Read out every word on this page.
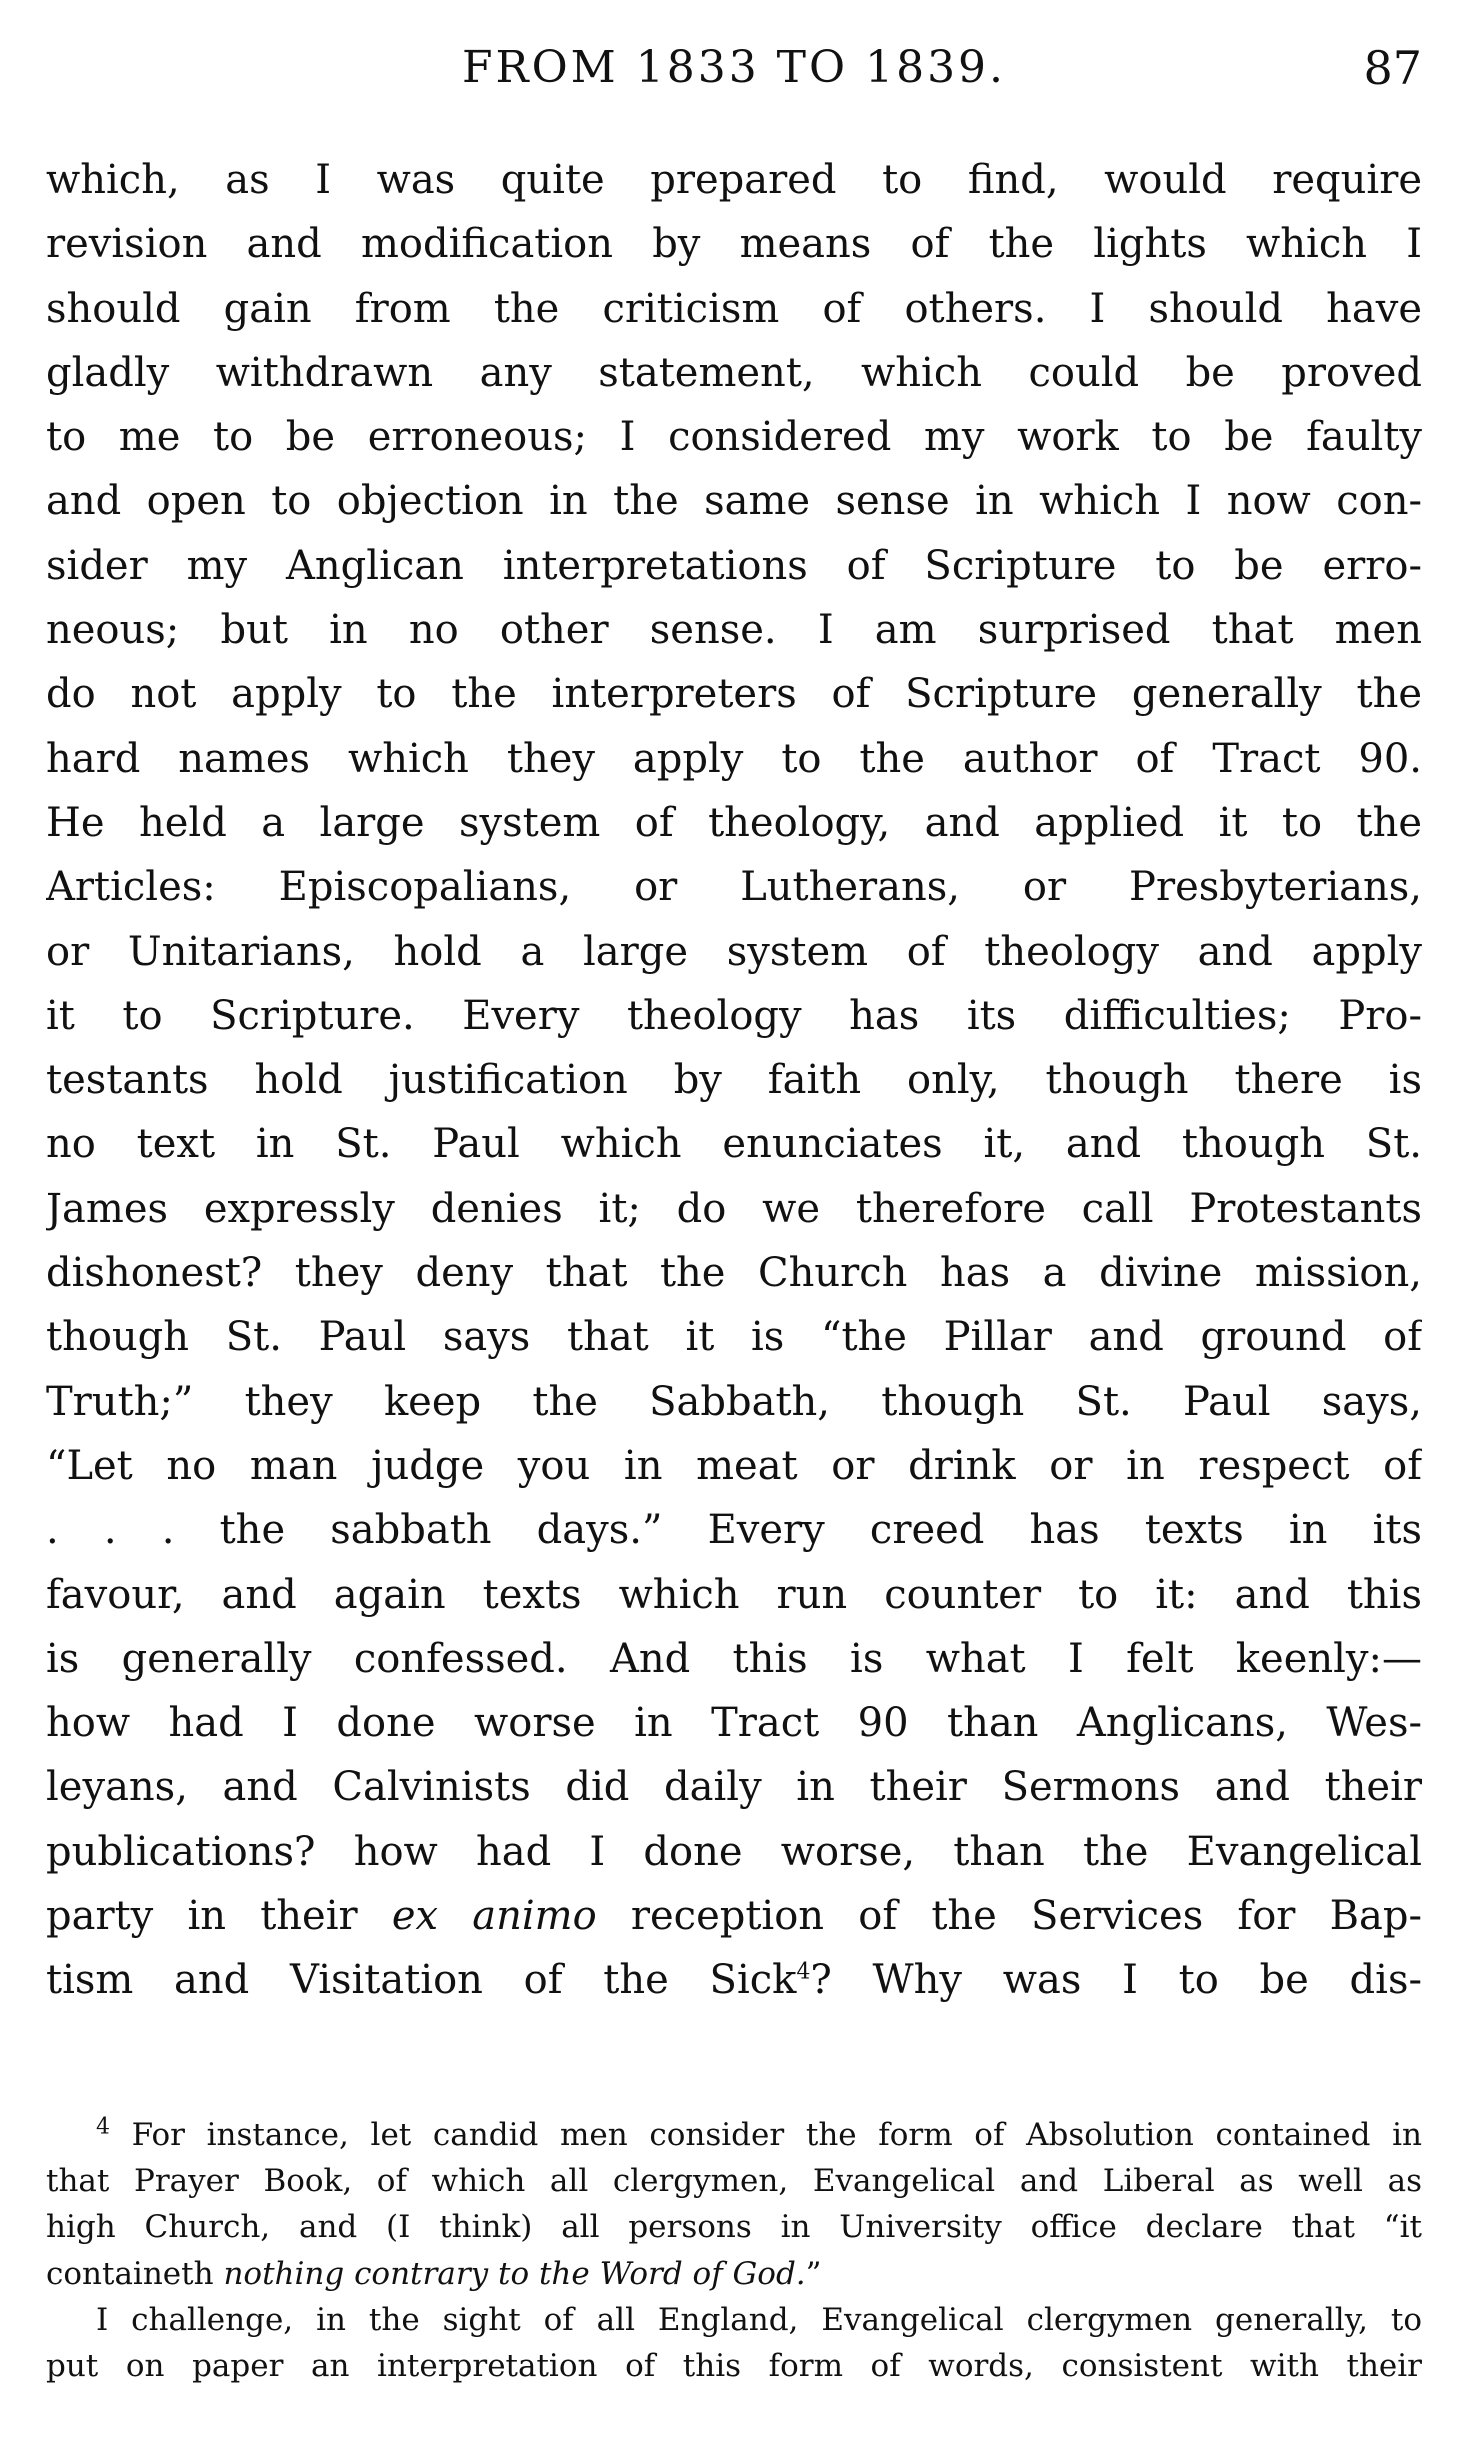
FROM 1833 TO 1839.	87
which, as I was quite prepared to find, would require
revision and modification by means of the lights which I
should gain from the criticism of others. I should have
gladly withdrawn any statement, which could be proved
to me to be erroneous; I considered my work to be faulty
and open to objection in the same sense in which I now con-
sider my Anglican interpretations of Scripture to be erro-
neous; but in no other sense. I am surprised that men
do not apply to the interpreters of Scripture generally the
hard names which they apply to the author of Tract 90.
He held a large system of theology, and applied it to the
Articles: Episcopalians, or Lutherans, or Presbyterians,
or Unitarians, hold a large system of theology and apply
it to Scripture. Every theology has its difficulties; Pro-
testants hold justification by faith only, though there is
no text in St. Paul which enunciates it, and though St.
James expressly denies it; do we therefore call Protestants
dishonest? they deny that the Church has a divine mission,
though St. Paul says that it is “the Pillar and ground of
Truth;” they keep the Sabbath, though St. Paul says,
“Let no man judge you in meat or drink or in respect of
. . . the sabbath days.” Every creed has texts in its
favour, and again texts which run counter to it: and this
is generally confessed. And this is what I felt keenly:—
how had I done worse in Tract 90 than Anglicans, Wes-
leyans, and Calvinists did daily in their Sermons and their
publications? how had I done worse, than the Evangelical
party in their ex animo reception of the Services for Bap-
tism and Visitation of the Sick$^4$? Why was I to be dis-
$^4$ For instance, let candid men consider the form of Absolution contained in
that Prayer Book, of which all clergymen, Evangelical and Liberal as well as
high Church, and (I think) all persons in University office declare that “it
containeth nothing contrary to the Word of God.”
I challenge, in the sight of all England, Evangelical clergymen generally, to
put on paper an interpretation of this form of words, consistent with their
